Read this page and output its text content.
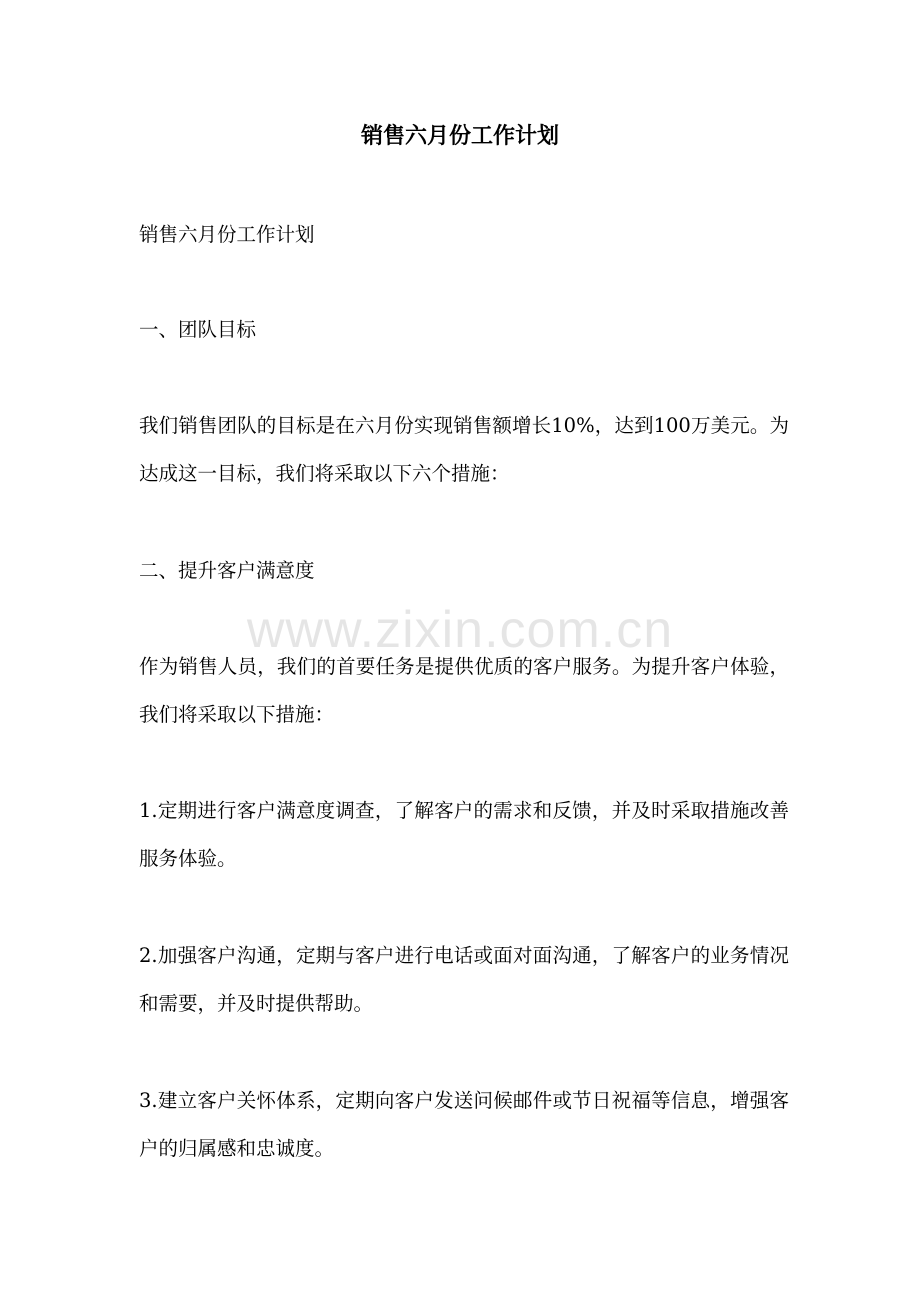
销售六月份工作计划

销售六月份工作计划

一、团队目标

我们销售团队的目标是在六月份实现销售额增长10%，达到100万美元。为达成这一目标，我们将采取以下六个措施：

二、提升客户满意度

作为销售人员，我们的首要任务是提供优质的客户服务。为提升客户体验，我们将采取以下措施：

1.定期进行客户满意度调查，了解客户的需求和反馈，并及时采取措施改善服务体验。

2.加强客户沟通，定期与客户进行电话或面对面沟通，了解客户的业务情况和需要，并及时提供帮助。

3.建立客户关怀体系，定期向客户发送问候邮件或节日祝福等信息，增强客户的归属感和忠诚度。

www.zixin.com.cn
